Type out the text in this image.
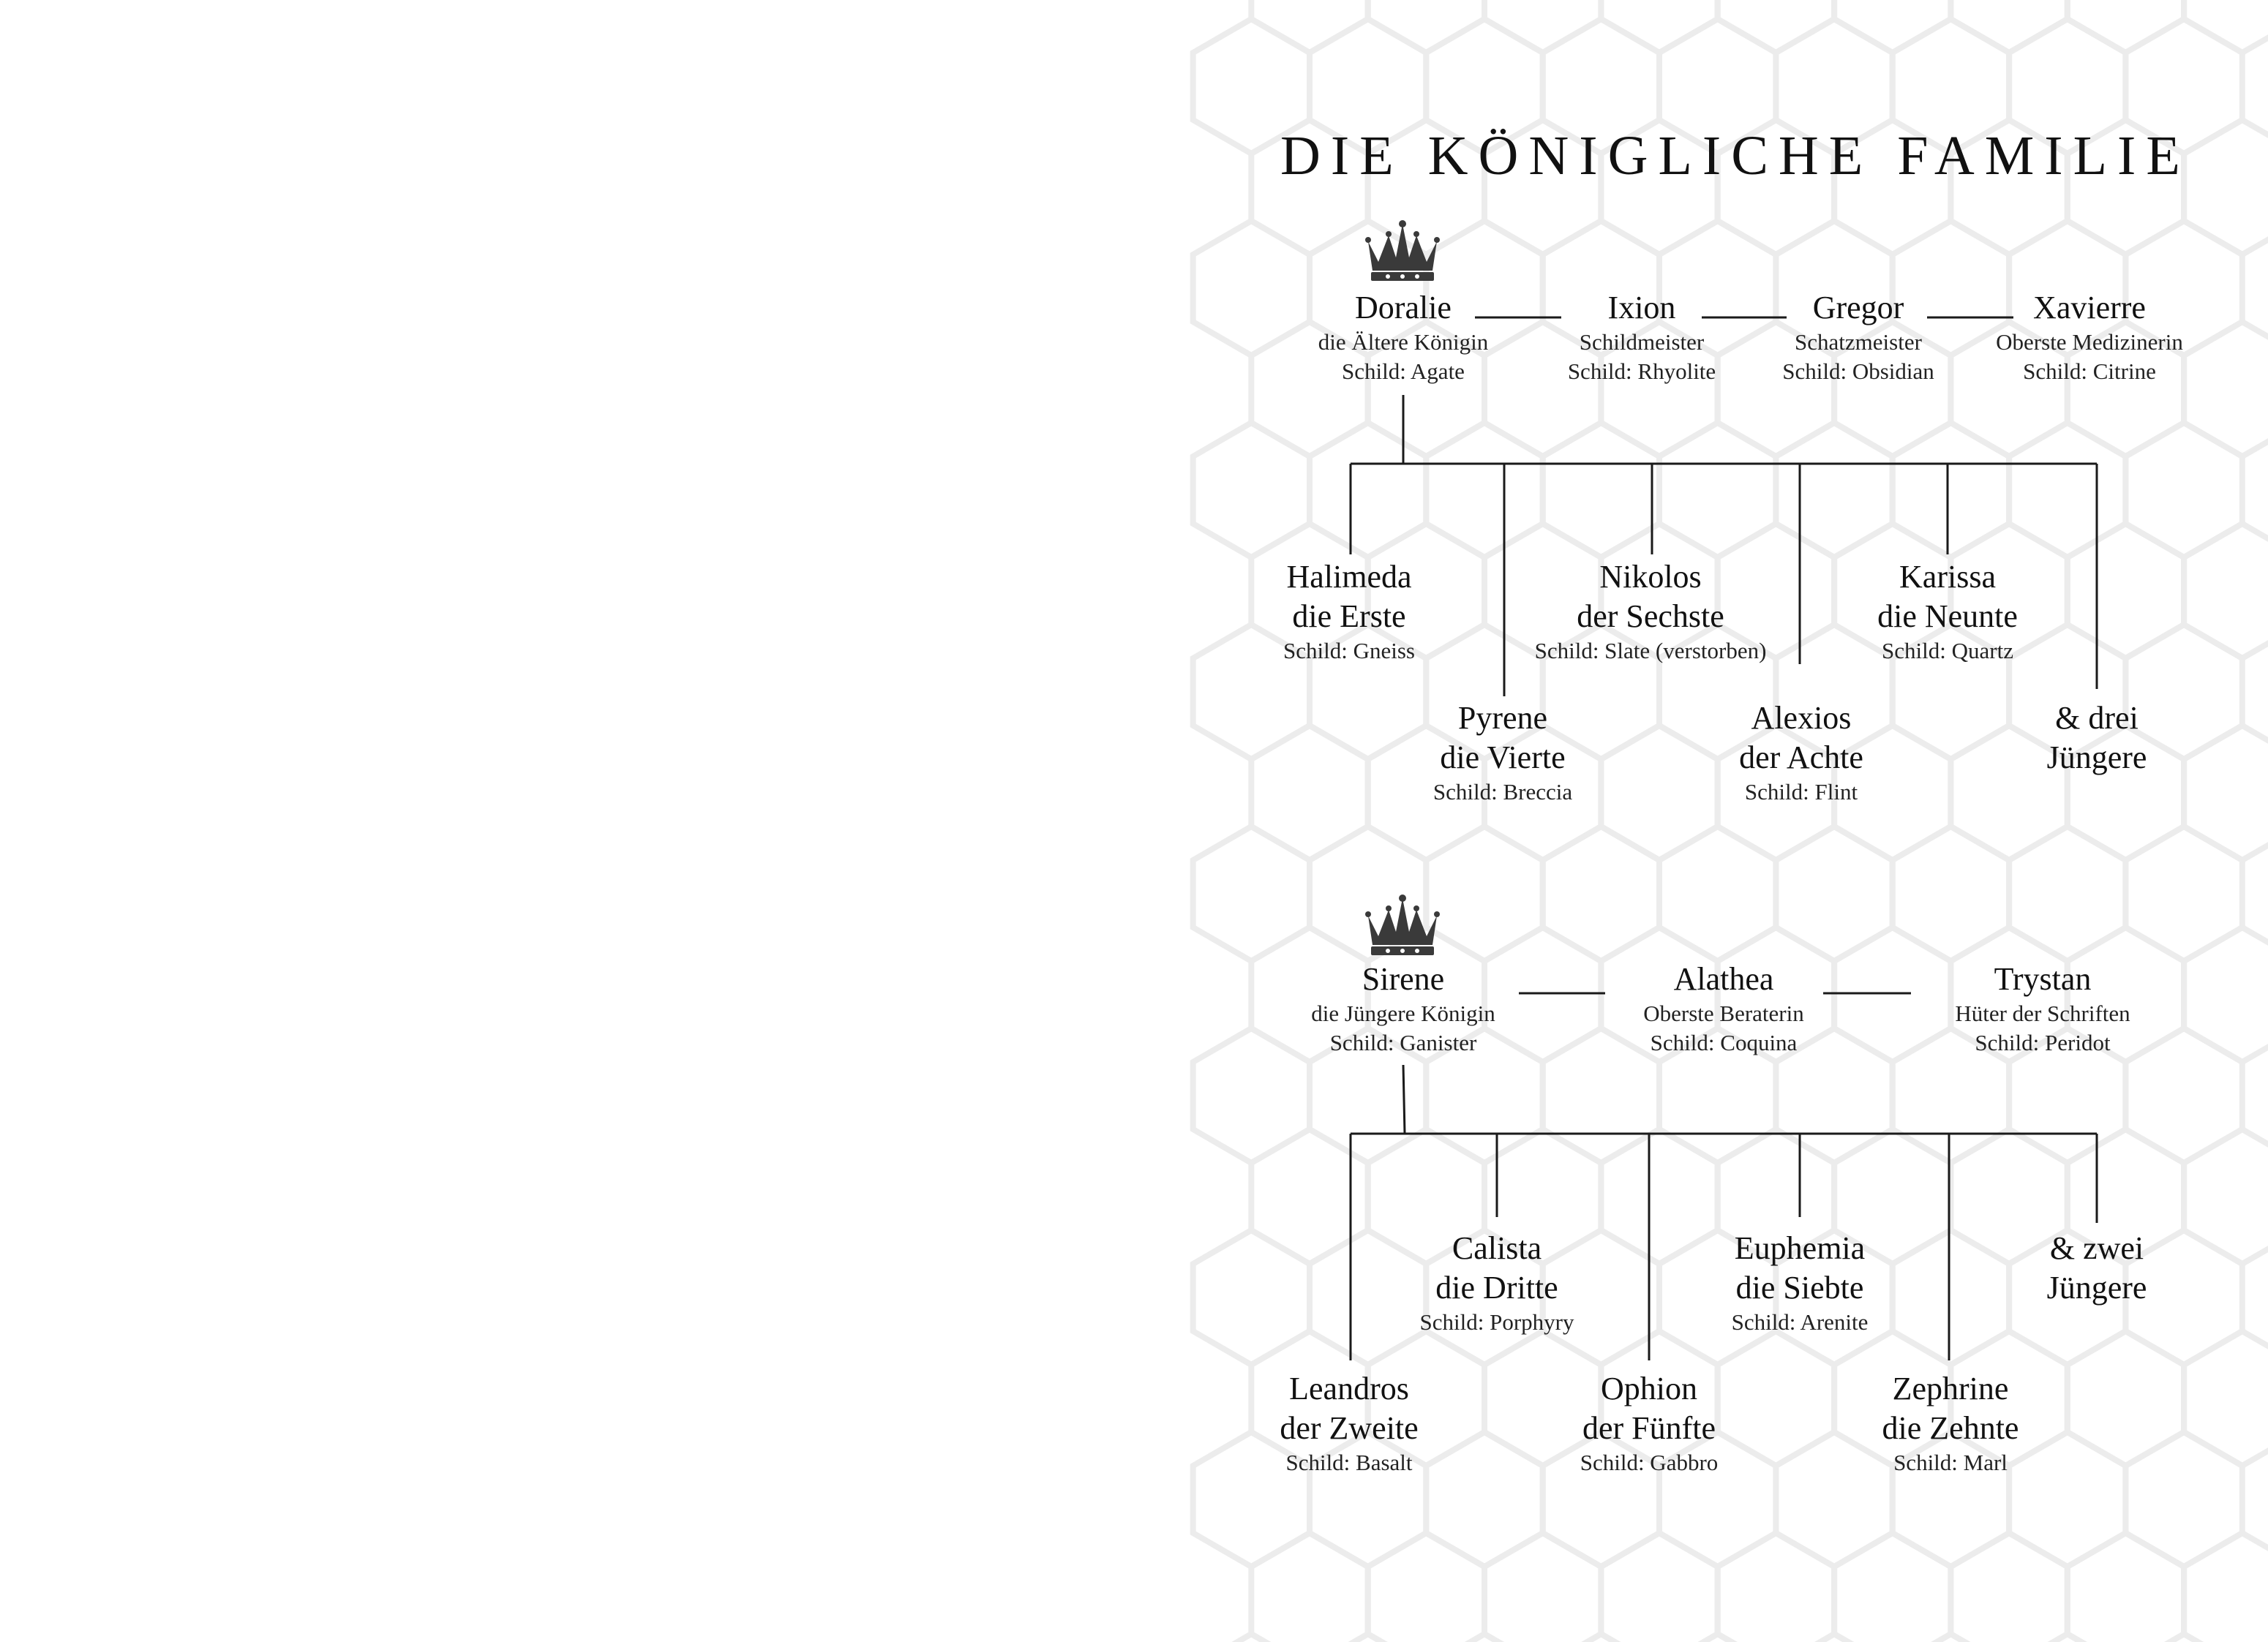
DIE KÖNIGLICHE FAMILIE
Doralie
die Ältere Königin
Schild: Agate
Ixion
Schildmeister
Schild: Rhyolite
Gregor
Schatzmeister
Schild: Obsidian
Xavierre
Oberste Medizinerin
Schild: Citrine
Halimeda
die Erste
Schild: Gneiss
Pyrene
die Vierte
Schild: Breccia
Nikolos
der Sechste
Schild: Slate (verstorben)
Alexios
der Achte
Schild: Flint
Karissa
die Neunte
Schild: Quartz
& drei
Jüngere
Sirene
die Jüngere Königin
Schild: Ganister
Alathea
Oberste Beraterin
Schild: Coquina
Trystan
Hüter der Schriften
Schild: Peridot
Leandros
der Zweite
Schild: Basalt
Calista
die Dritte
Schild: Porphyry
Ophion
der Fünfte
Schild: Gabbro
Euphemia
die Siebte
Schild: Arenite
Zephrine
die Zehnte
Schild: Marl
& zwei
Jüngere
